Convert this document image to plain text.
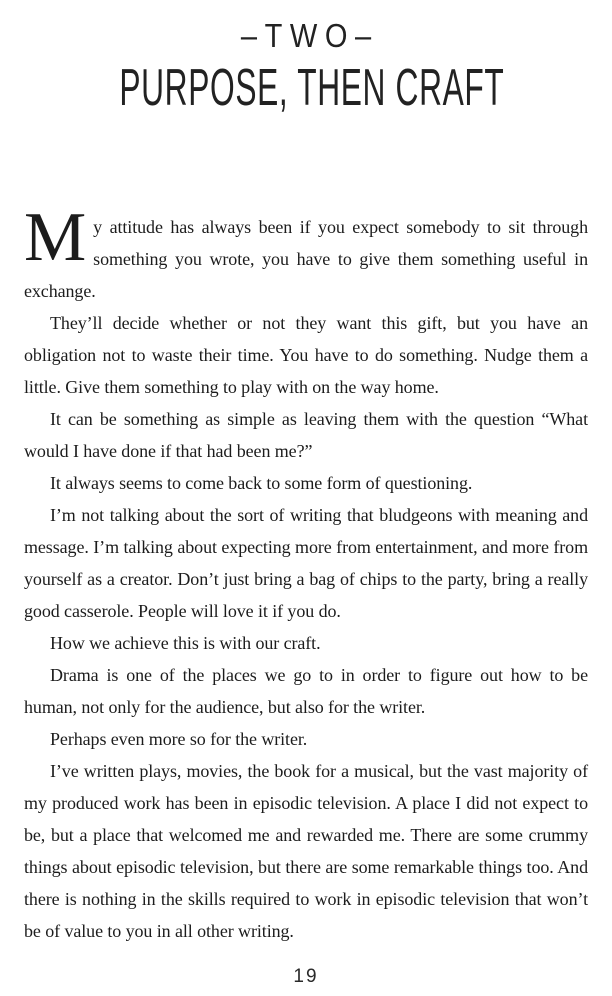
–TWO–
PURPOSE, THEN CRAFT

My attitude has always been if you expect somebody to sit through something you wrote, you have to give them something useful in exchange.

They’ll decide whether or not they want this gift, but you have an obligation not to waste their time. You have to do something. Nudge them a little. Give them something to play with on the way home.

It can be something as simple as leaving them with the question “What would I have done if that had been me?”

It always seems to come back to some form of questioning.

I’m not talking about the sort of writing that bludgeons with meaning and message. I’m talking about expecting more from entertainment, and more from yourself as a creator. Don’t just bring a bag of chips to the party, bring a really good casserole. People will love it if you do.

How we achieve this is with our craft.

Drama is one of the places we go to in order to figure out how to be human, not only for the audience, but also for the writer.

Perhaps even more so for the writer.

I’ve written plays, movies, the book for a musical, but the vast majority of my produced work has been in episodic television. A place I did not expect to be, but a place that welcomed me and rewarded me. There are some crummy things about episodic television, but there are some remarkable things too. And there is nothing in the skills required to work in episodic television that won’t be of value to you in all other writing.

19
